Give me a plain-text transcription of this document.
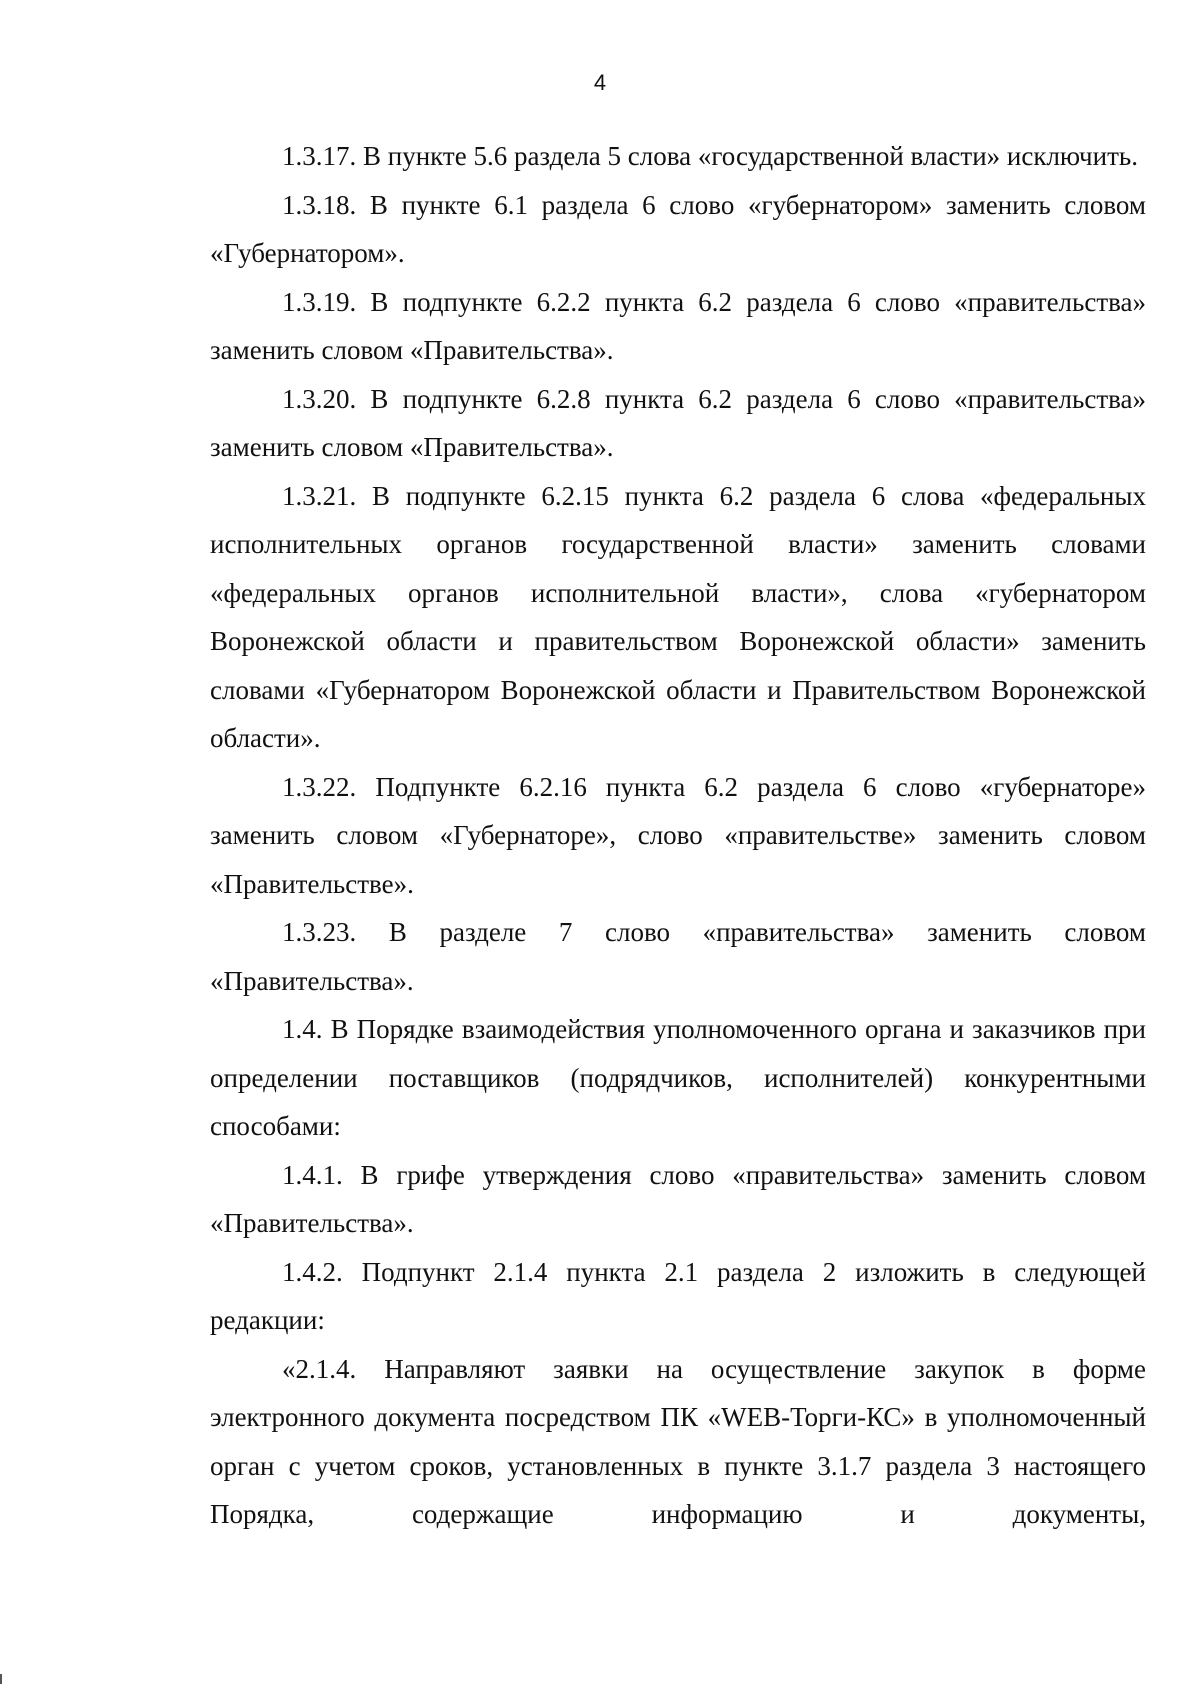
4

1.3.17. В пункте 5.6 раздела 5 слова «государственной власти» исключить.

1.3.18. В пункте 6.1 раздела 6 слово «губернатором» заменить словом «Губернатором».

1.3.19. В подпункте 6.2.2 пункта 6.2 раздела 6 слово «правительства» заменить словом «Правительства».

1.3.20. В подпункте 6.2.8 пункта 6.2 раздела 6 слово «правительства» заменить словом «Правительства».

1.3.21. В подпункте 6.2.15 пункта 6.2 раздела 6 слова «федеральных исполнительных органов государственной власти» заменить словами «федеральных органов исполнительной власти», слова «губернатором Воронежской области и правительством Воронежской области» заменить словами «Губернатором Воронежской области и Правительством Воронежской области».

1.3.22. Подпункте 6.2.16 пункта 6.2 раздела 6 слово «губернаторе» заменить словом «Губернаторе», слово «правительстве» заменить словом «Правительстве».

1.3.23. В разделе 7 слово «правительства» заменить словом «Правительства».

1.4. В Порядке взаимодействия уполномоченного органа и заказчиков при определении поставщиков (подрядчиков, исполнителей) конкурентными способами:

1.4.1. В грифе утверждения слово «правительства» заменить словом «Правительства».

1.4.2. Подпункт 2.1.4 пункта 2.1 раздела 2 изложить в следующей редакции:

«2.1.4. Направляют заявки на осуществление закупок в форме электронного документа посредством ПК «WEB-Торги-КС» в уполномоченный орган с учетом сроков, установленных в пункте 3.1.7 раздела 3 настоящего Порядка, содержащие информацию и документы,
